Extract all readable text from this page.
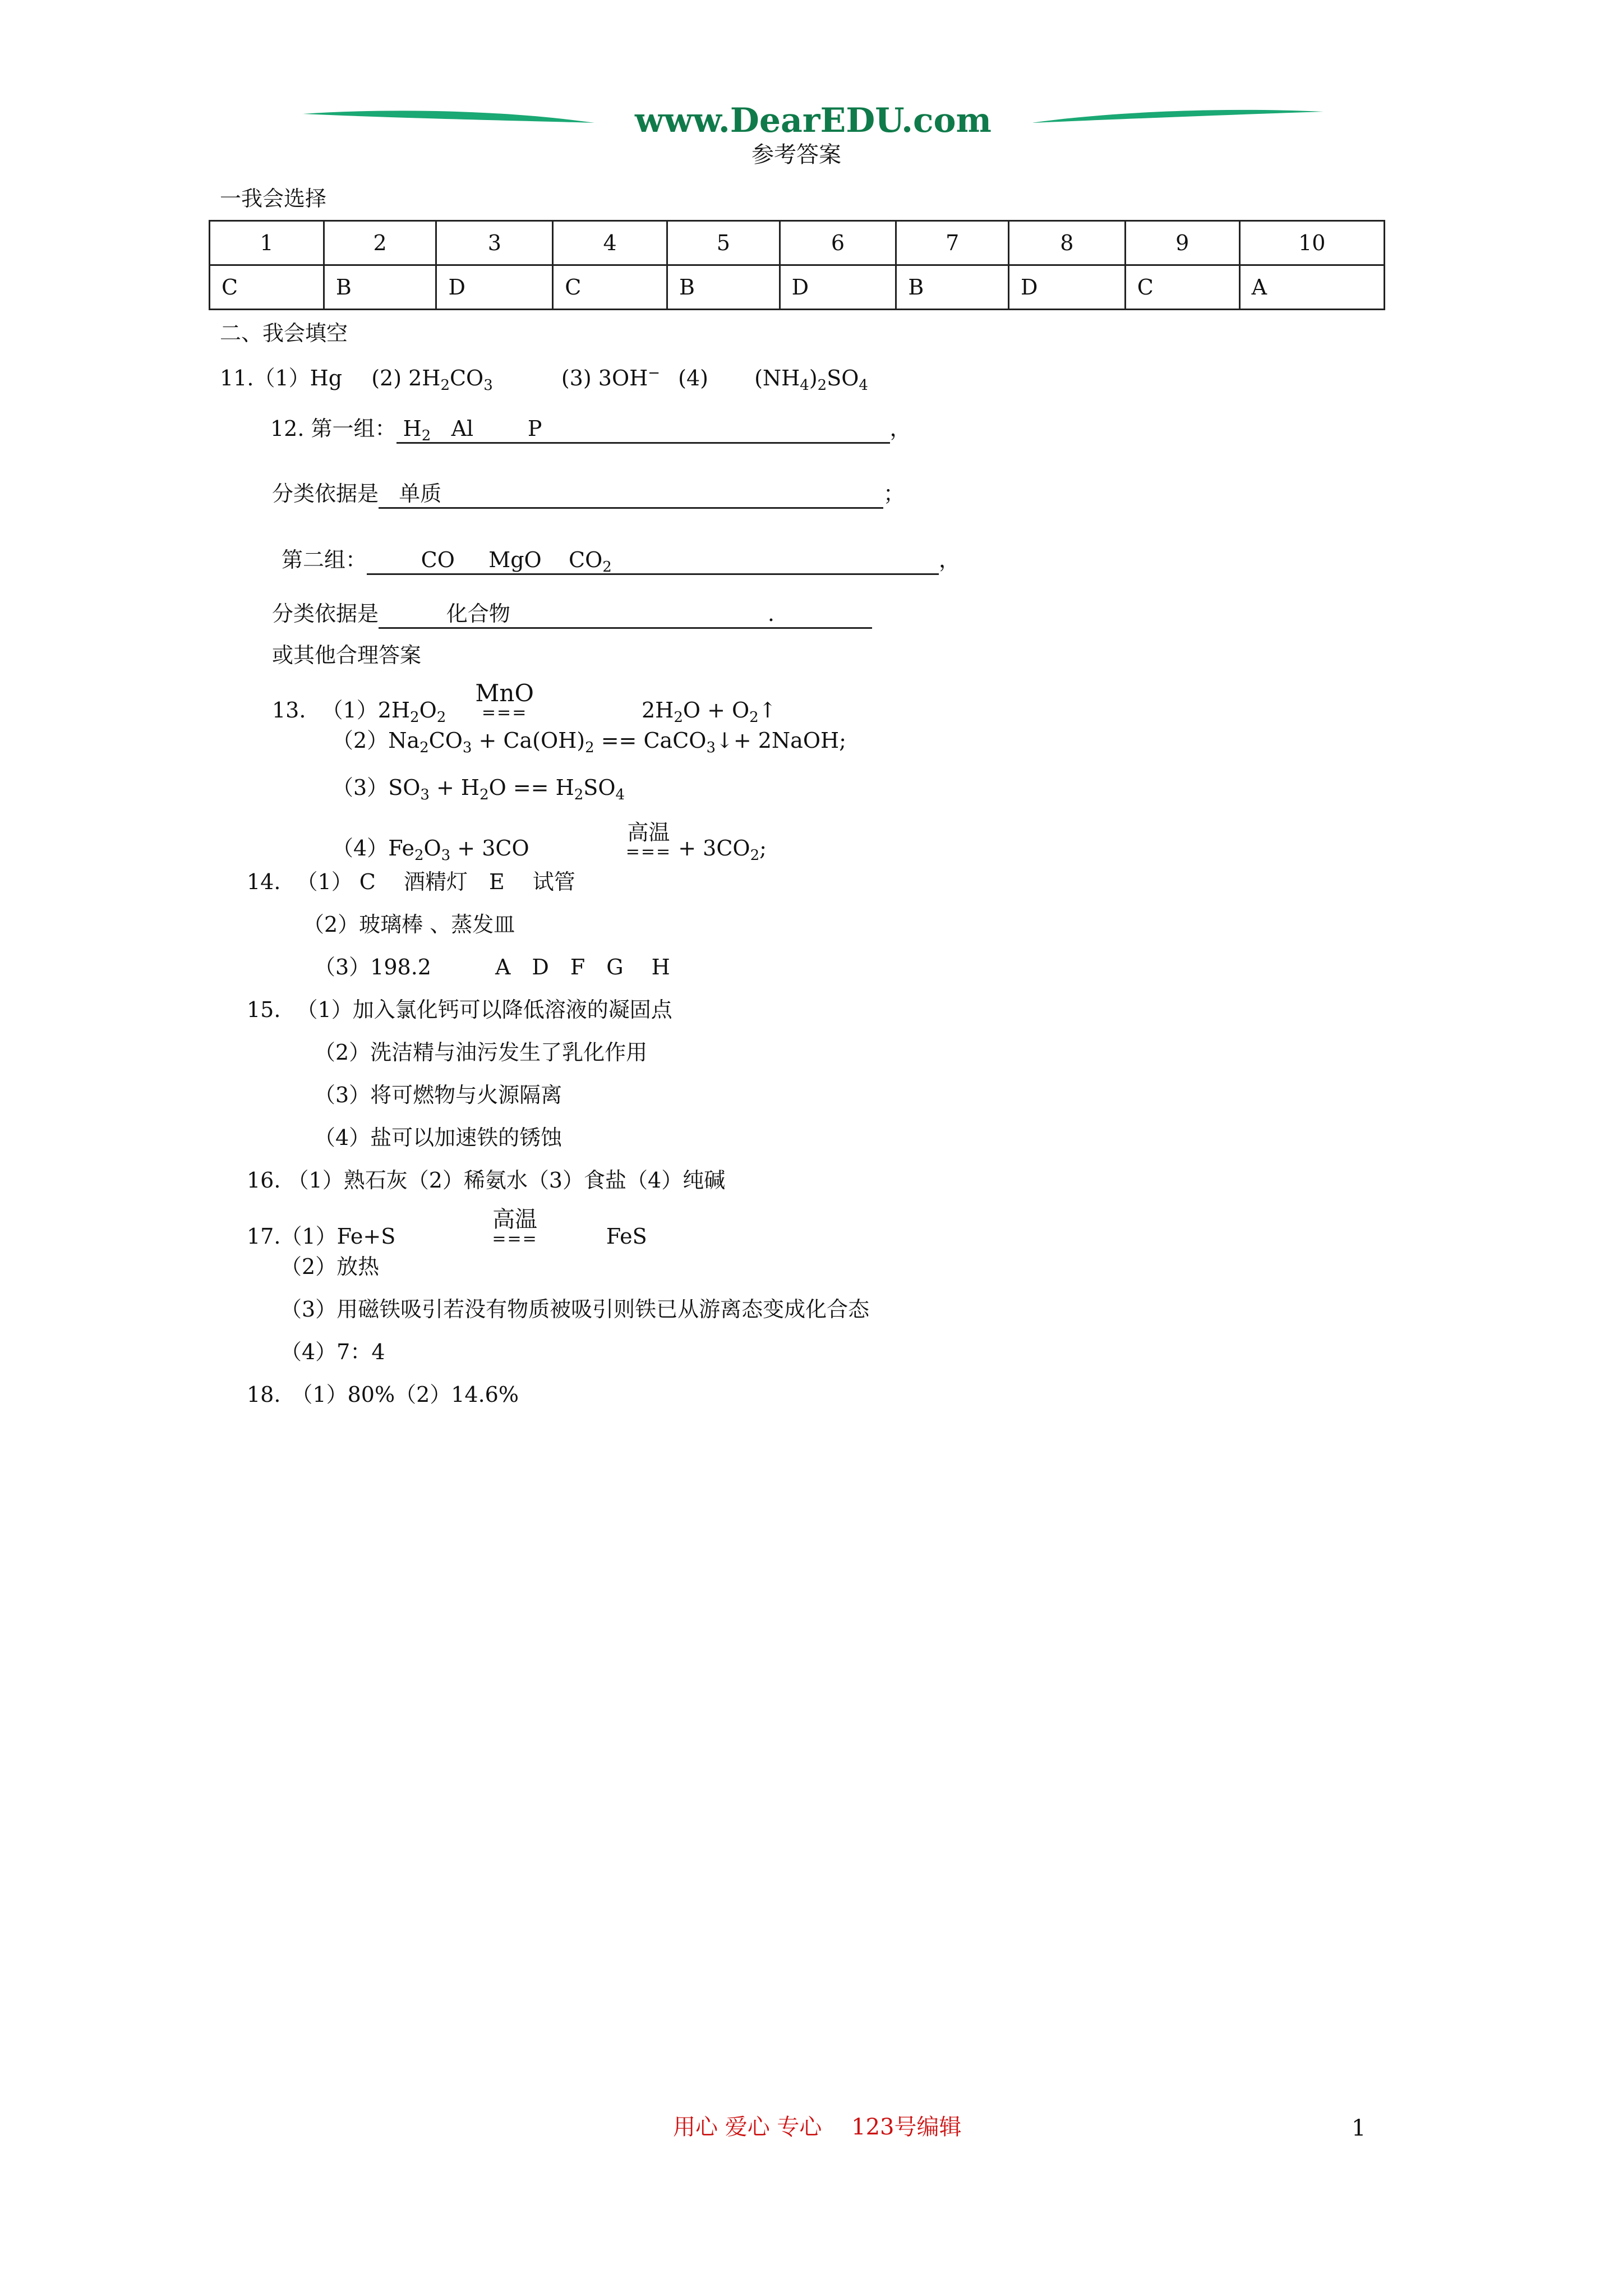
www.DearEDU.com
参考答案
一我会选择
1	2	3	4	5	6	7	8	9	10
C	B	D	C	B	D	B	D	C	A
二、我会填空
11.（1）Hg (2) $2H_2CO_3$	(3) 3OH− (4) $(NH_4)_2SO_4$
12. 第一组： $H_2$ Al	P	，
分类依据是 单质	；
第二组：	CO MgO $CO_2$	，
分类依据是	化合物	.
或其他合理答案
13. $(1)2H_2O_2$
MnO
===	$2H_2O$ + $O_2↑$
$(2)Na_2CO_3 + Ca(OH)_2$ == CaCO$_3$↓+ 2NaOH;
$(3)SO_3 + H_2O == H_2SO_4$
$(4)Fe_2O_3 + 3CO$
高温
=== + $3CO_2$;
14. （1） C　 酒精灯　E　 试管
（2）玻璃棒 、蒸发皿
（3）198.2　　　A　D　F　G　 H
15. （1）加入氯化钙可以降低溶液的凝固点
（2）洗洁精与油污发生了乳化作用
（3）将可燃物与火源隔离
（4）盐可以加速铁的锈蚀
16. （1）熟石灰（2）稀氨水（3）食盐（4）纯碱
17.（1）Fe+S
高温
===	FeS
（2）放热
（3）用磁铁吸引若没有物质被吸引则铁已从游离态变成化合态
（4）7：4
18.　（1）80%（2）14.6%
用心 爱心 专心　 123号编辑	1
